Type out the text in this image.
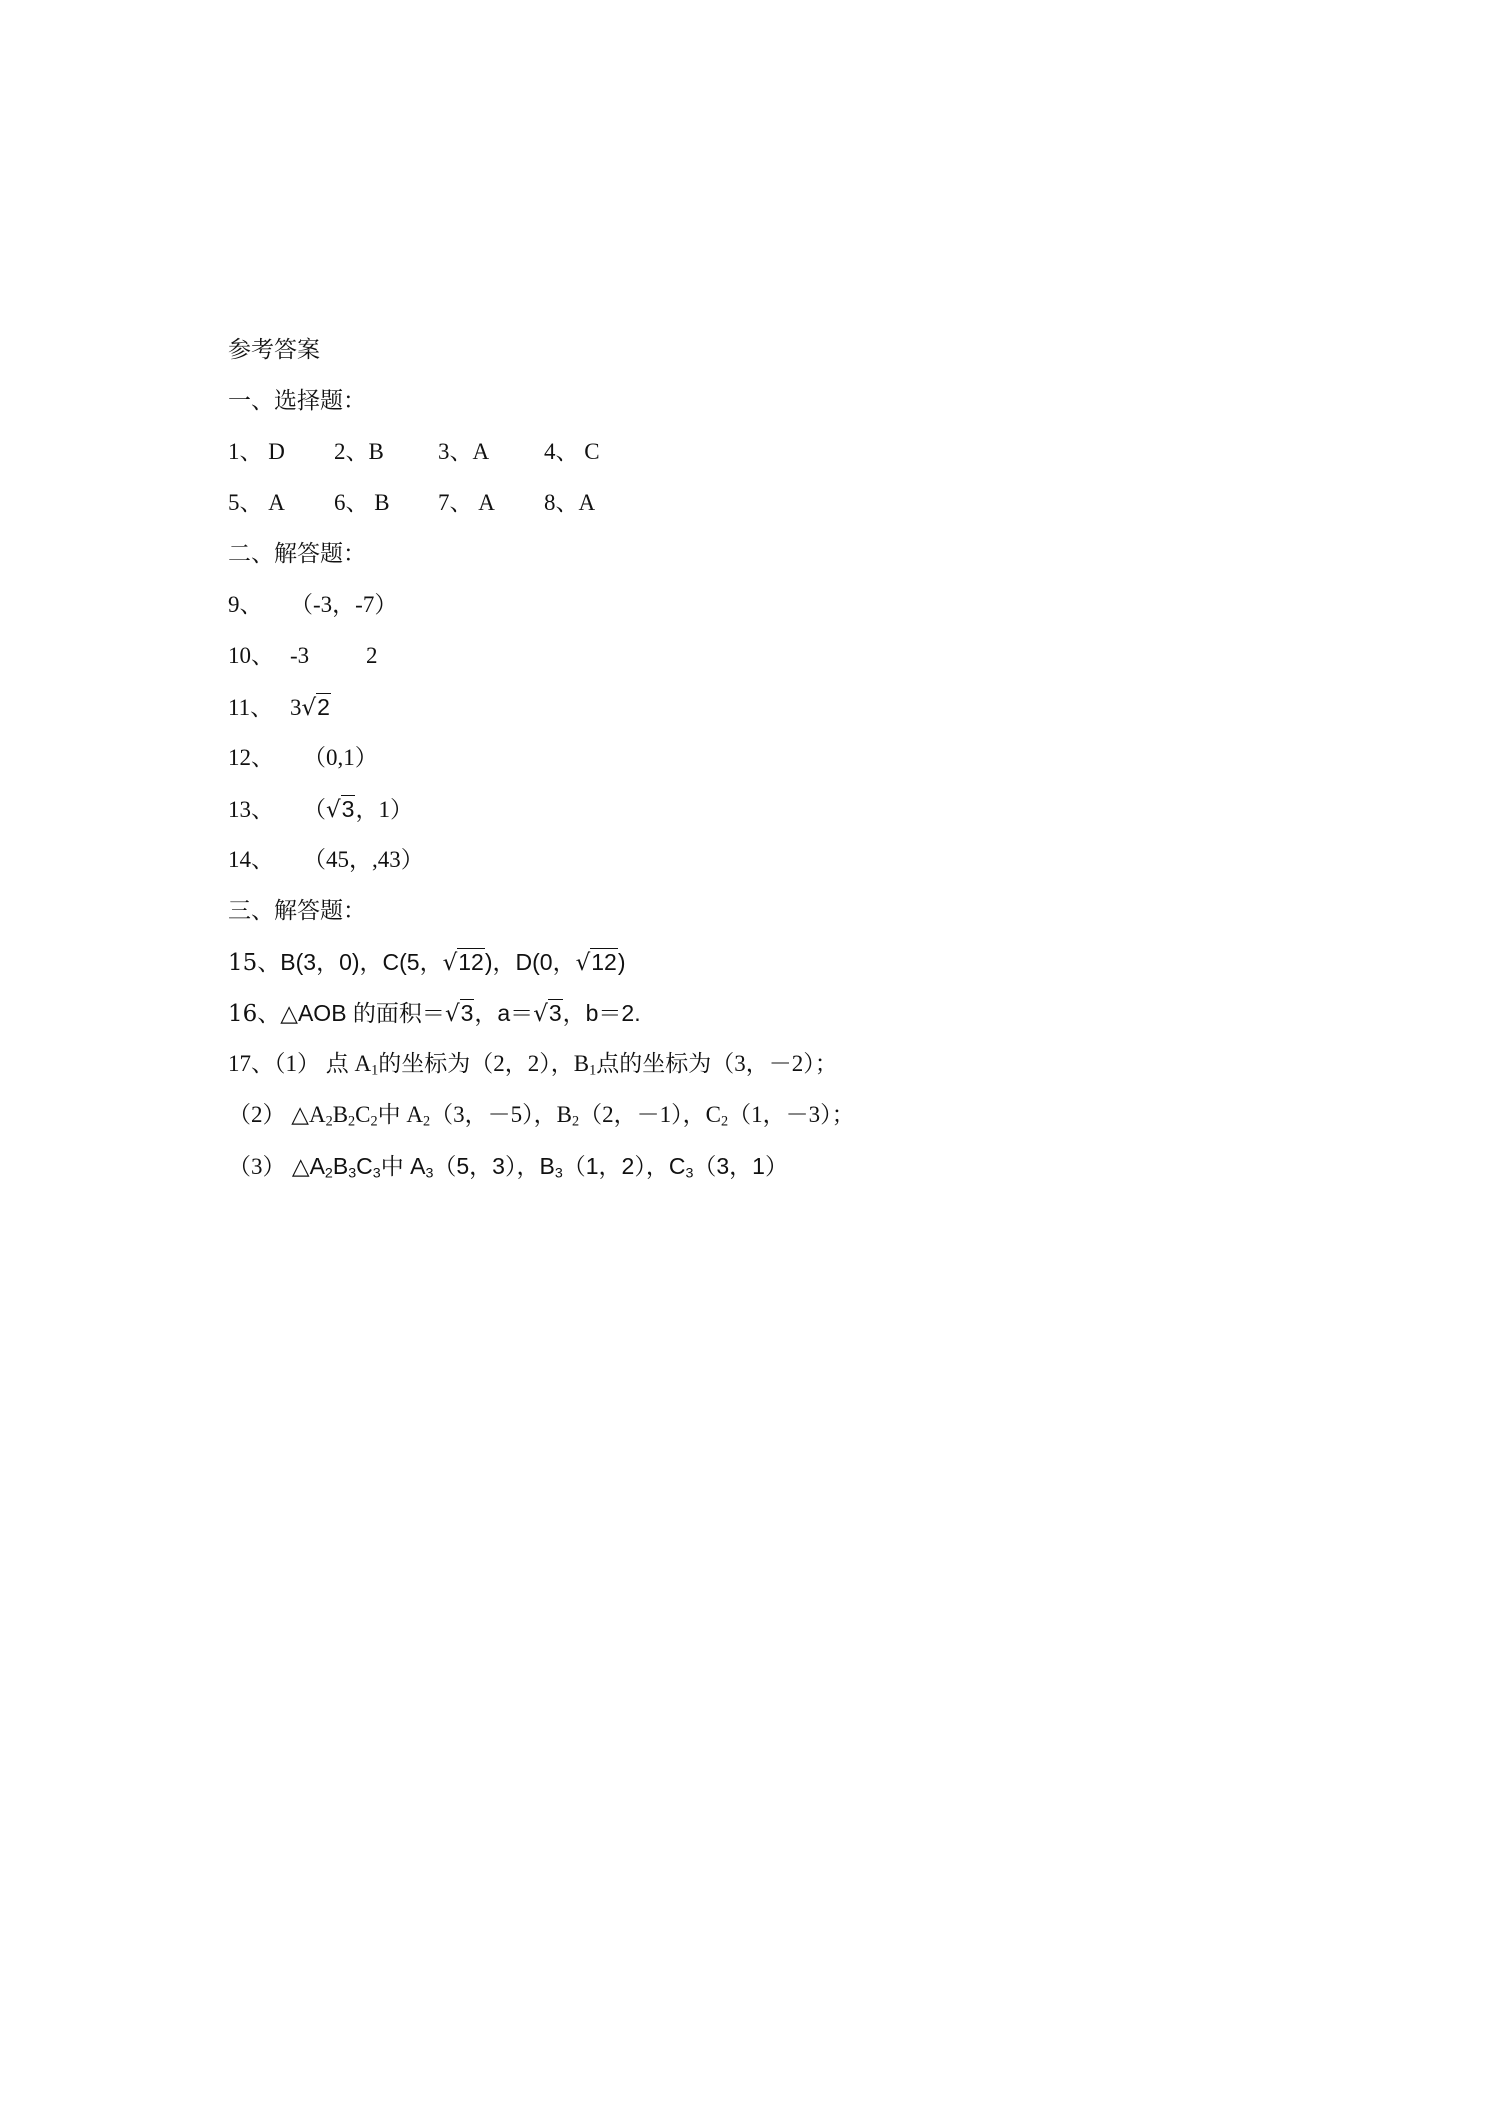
参考答案
一、选择题：
1、 D 2、B 3、A 4、 C
5、 A 6、 B 7、 A 8、A
二、解答题：
9、 （-3，-7）
10、 -3 2
11、 3√2
12、 （0,1）
13、 （√3，1）
14、 （45，,43）
三、解答题：
15、B(3，0)，C(5，√12)，D(0，√12)
16、△AOB 的面积＝√3，a＝√3，b＝2.
17、（1） 点 $A_1$的坐标为（2，2），$B_1$点的坐标为（3，－2）；
（2） $\triangle A_2B_2C_2$中 $A_2(3$，－5），$B_2(2$，－1），$C_2(1$，－3）；
（3） $\triangle A_2B_3C_3$中 $A_3(5$，3），$B_3(1$，2），$C_3(3$，1）
